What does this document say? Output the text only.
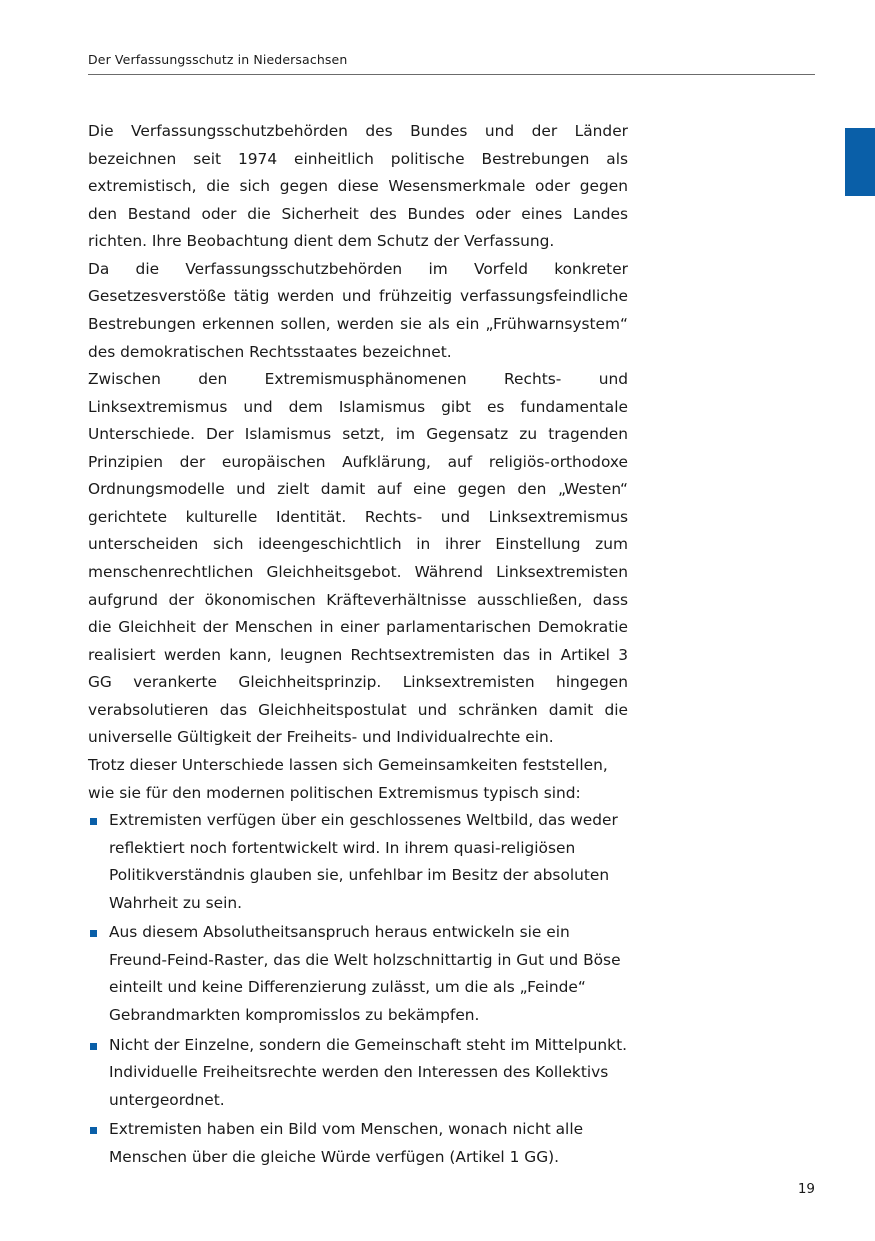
Der Verfassungsschutz in Niedersachsen

Die Verfassungsschutzbehörden des Bundes und der Länder bezeichnen seit 1974 einheitlich politische Bestrebungen als extremistisch, die sich gegen diese Wesensmerkmale oder gegen den Bestand oder die Sicherheit des Bundes oder eines Landes richten. Ihre Beobachtung dient dem Schutz der Verfassung.

Da die Verfassungsschutzbehörden im Vorfeld konkreter Gesetzesverstöße tätig werden und frühzeitig verfassungsfeindliche Bestrebungen erkennen sollen, werden sie als ein „Frühwarnsystem“ des demokratischen Rechtsstaates bezeichnet.

Zwischen den Extremismusphänomenen Rechts- und Linksextremismus und dem Islamismus gibt es fundamentale Unterschiede. Der Islamismus setzt, im Gegensatz zu tragenden Prinzipien der europäischen Aufklärung, auf religiös-orthodoxe Ordnungsmodelle und zielt damit auf eine gegen den „Westen“ gerichtete kulturelle Identität. Rechts- und Linksextremismus unterscheiden sich ideengeschichtlich in ihrer Einstellung zum menschenrechtlichen Gleichheitsgebot. Während Linksextremisten aufgrund der ökonomischen Kräfteverhältnisse ausschließen, dass die Gleichheit der Menschen in einer parlamentarischen Demokratie realisiert werden kann, leugnen Rechtsextremisten das in Artikel 3 GG verankerte Gleichheitsprinzip. Linksextremisten hingegen verabsolutieren das Gleichheitspostulat und schränken damit die universelle Gültigkeit der Freiheits- und Individualrechte ein.

Trotz dieser Unterschiede lassen sich Gemeinsamkeiten feststellen, wie sie für den modernen politischen Extremismus typisch sind:

Extremisten verfügen über ein geschlossenes Weltbild, das weder reflektiert noch fortentwickelt wird. In ihrem quasi-religiösen Politikverständnis glauben sie, unfehlbar im Besitz der absoluten Wahrheit zu sein.
Aus diesem Absolutheitsanspruch heraus entwickeln sie ein Freund-Feind-Raster, das die Welt holzschnittartig in Gut und Böse einteilt und keine Differenzierung zulässt, um die als „Feinde“ Gebrandmarkten kompromisslos zu bekämpfen.
Nicht der Einzelne, sondern die Gemeinschaft steht im Mittelpunkt. Individuelle Freiheitsrechte werden den Interessen des Kollektivs untergeordnet.
Extremisten haben ein Bild vom Menschen, wonach nicht alle Menschen über die gleiche Würde verfügen (Artikel 1 GG).
19
